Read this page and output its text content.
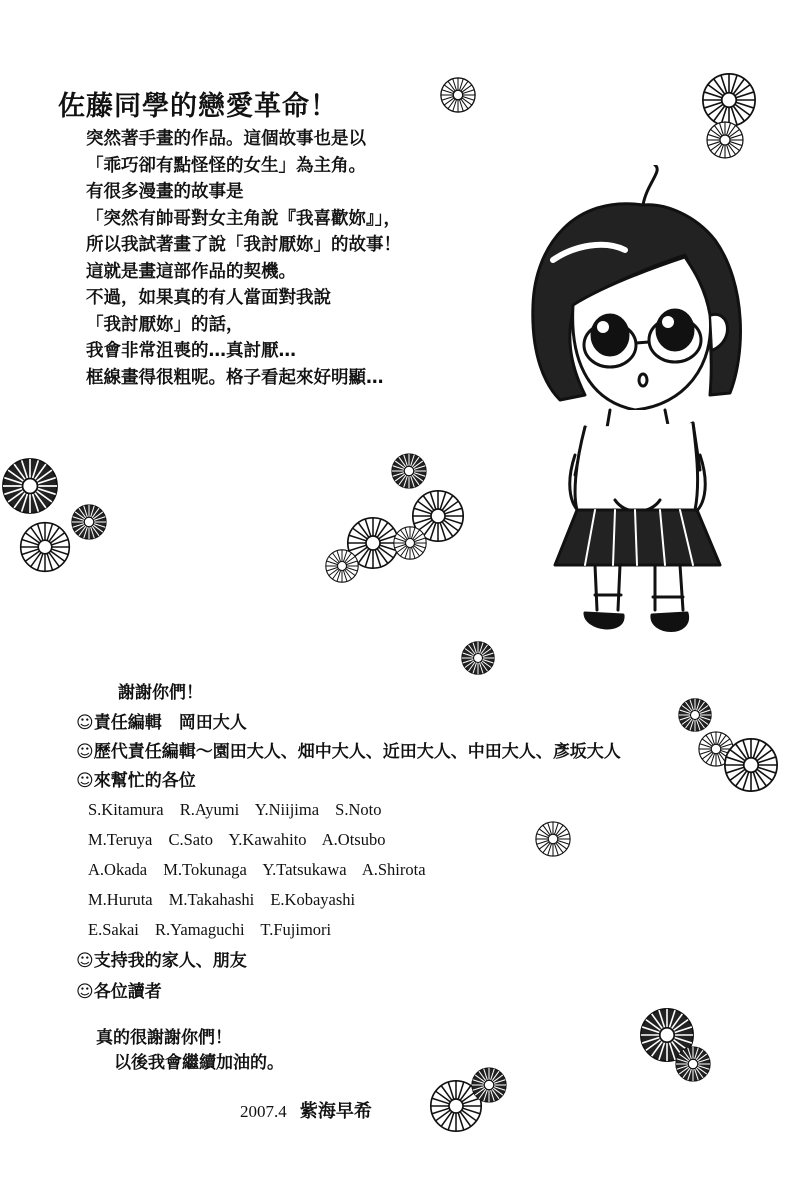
佐藤同學的戀愛革命！
突然著手畫的作品。這個故事也是以
「乖巧卻有點怪怪的女生」為主角。
有很多漫畫的故事是
「突然有帥哥對女主角說『我喜歡妳』」，
所以我試著畫了說「我討厭妳」的故事！
這就是畫這部作品的契機。
不過，如果真的有人當面對我說
「我討厭妳」的話，
我會非常沮喪的…真討厭…
框線畫得很粗呢。格子看起來好明顯…
謝謝你們！
☺責任編輯　岡田大人
☺歷代責任編輯～園田大人、畑中大人、近田大人、中田大人、彥坂大人
☺來幫忙的各位
S.Kitamura R.Ayumi Y.Niijima S.Noto
M.Teruya C.Sato Y.Kawahito A.Otsubo
A.Okada M.Tokunaga Y.Tatsukawa A.Shirota
M.Huruta M.Takahashi E.Kobayashi
E.Sakai R.Yamaguchi T.Fujimori
☺支持我的家人、朋友
☺各位讀者
真的很謝謝你們！
以後我會繼續加油的。
2007.4 紫海早希
